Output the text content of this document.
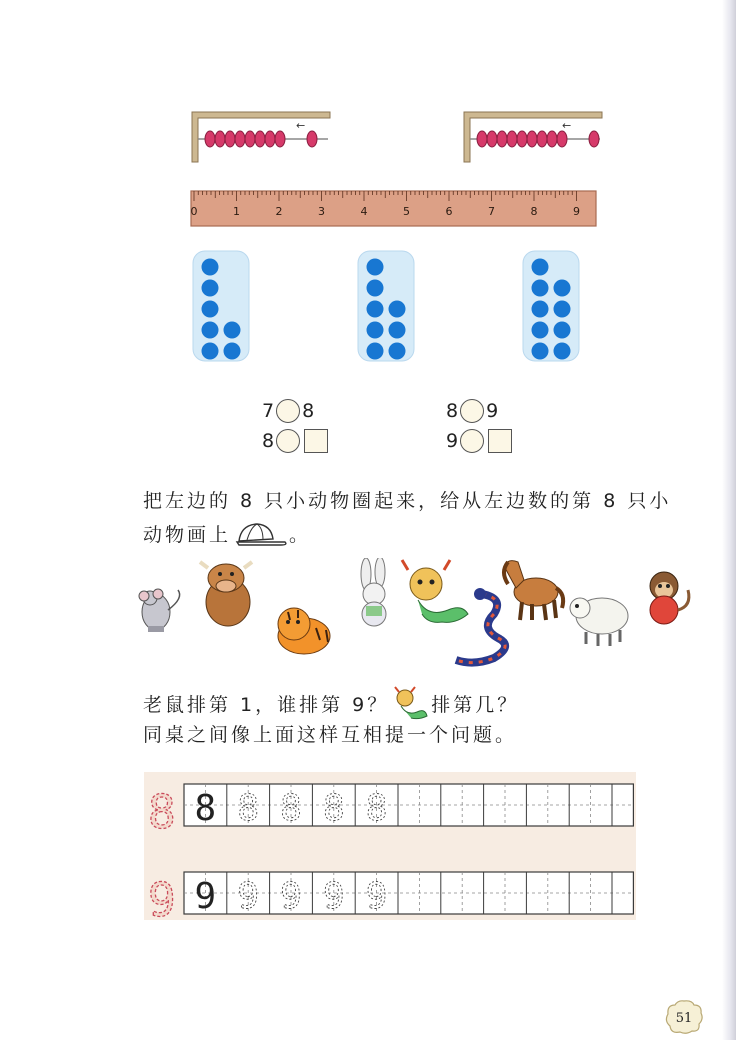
←	←
0	1	2	3	4	5	6	7	8	9
7 8
8
8 9
9
把左边的 8 只小动物圈起来，给从左边数的第 8 只小
动物画上	。
老鼠排第 1，谁排第 9？ 排第几？
同桌之间像上面这样互相提一个问题。
8
9
8 8 8 8 8
9 9 9 9 9
51
